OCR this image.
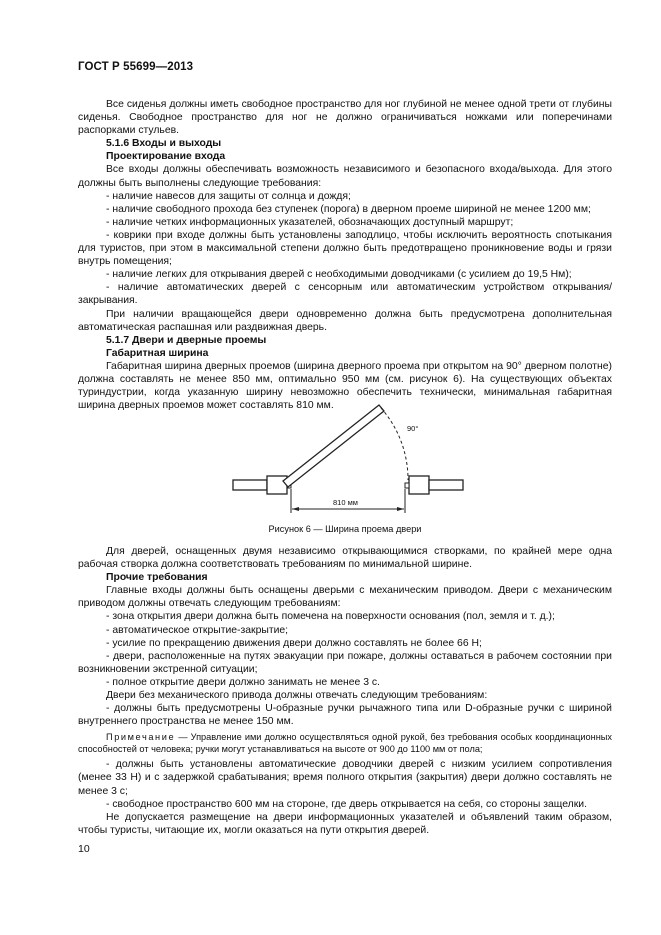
ГОСТ Р 55699—2013

Все сиденья должны иметь свободное пространство для ног глубиной не менее одной трети от глубины сиденья. Свободное пространство для ног не должно ограничиваться ножками или поперечинами распорками стульев.

5.1.6 Входы и выходы

Проектирование входа

Все входы должны обеспечивать возможность независимого и безопасного входа/выхода. Для этого должны быть выполнены следующие требования:

- наличие навесов для защиты от солнца и дождя;

- наличие свободного прохода без ступенек (порога) в дверном проеме шириной не менее 1200 мм;

- наличие четких информационных указателей, обозначающих доступный маршрут;

- коврики при входе должны быть установлены заподлицо, чтобы исключить вероятность спотыкания для туристов, при этом в максимальной степени должно быть предотвращено проникновение воды и грязи внутрь помещения;

- наличие легких для открывания дверей с необходимыми доводчиками (с усилием до 19,5 Нм);

- наличие автоматических дверей с сенсорным или автоматическим устройством открывания/закрывания.

При наличии вращающейся двери одновременно должна быть предусмотрена дополнительная автоматическая распашная или раздвижная дверь.

5.1.7 Двери и дверные проемы

Габаритная ширина

Габаритная ширина дверных проемов (ширина дверного проема при открытом на 90° дверном полотне) должна составлять не менее 850 мм, оптимально 950 мм (см. рисунок 6). На существующих объектах туриндустрии, когда указанную ширину невозможно обеспечить технически, минимальная габаритная ширина дверных проемов может составлять 810 мм.

810 мм
90°
Рисунок 6 — Ширина проема двери

Для дверей, оснащенных двумя независимо открывающимися створками, по крайней мере одна рабочая створка должна соответствовать требованиям по минимальной ширине.

Прочие требования

Главные входы должны быть оснащены дверьми с механическим приводом. Двери с механическим приводом должны отвечать следующим требованиям:

- зона открытия двери должна быть помечена на поверхности основания (пол, земля и т. д.);

- автоматическое открытие-закрытие;

- усилие по прекращению движения двери должно составлять не более 66 Н;

- двери, расположенные на путях эвакуации при пожаре, должны оставаться в рабочем состоянии при возникновении экстренной ситуации;

- полное открытие двери должно занимать не менее 3 с.

Двери без механического привода должны отвечать следующим требованиям:

- должны быть предусмотрены U-образные ручки рычажного типа или D-образные ручки с шириной внутреннего пространства не менее 150 мм.

Примечание — Управление ими должно осуществляться одной рукой, без требования особых координационных способностей от человека; ручки могут устанавливаться на высоте от 900 до 1100 мм от пола;

- должны быть установлены автоматические доводчики дверей с низким усилием сопротивления (менее 33 Н) и с задержкой срабатывания; время полного открытия (закрытия) двери должно составлять не менее 3 с;

- свободное пространство 600 мм на стороне, где дверь открывается на себя, со стороны защелки.

Не допускается размещение на двери информационных указателей и объявлений таким образом, чтобы туристы, читающие их, могли оказаться на пути открытия дверей.

10
